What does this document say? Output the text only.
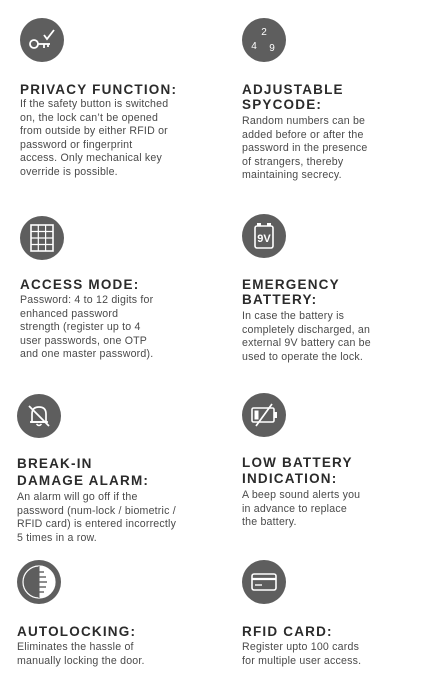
PRIVACY FUNCTION:
If the safety button is switched
on, the lock can’t be opened
from outside by either RFID or
password or fingerprint
access. Only mechanical key
override is possible.
2
4 9
ADJUSTABLE
SPYCODE:
Random numbers can be
added before or after the
password in the presence
of strangers, thereby
maintaining secrecy.
ACCESS MODE:
Password: 4 to 12 digits for
enhanced password
strength (register up to 4
user passwords, one OTP
and one master password).
9V
EMERGENCY
BATTERY:
In case the battery is
completely discharged, an
external 9V battery can be
used to operate the lock.
BREAK-IN
DAMAGE ALARM:
An alarm will go off if the
password (num-lock / biometric /
RFID card) is entered incorrectly
5 times in a row.
LOW BATTERY
INDICATION:
A beep sound alerts you
in advance to replace
the battery.
AUTOLOCKING:
Eliminates the hassle of
manually locking the door.
RFID CARD:
Register upto 100 cards
for multiple user access.
